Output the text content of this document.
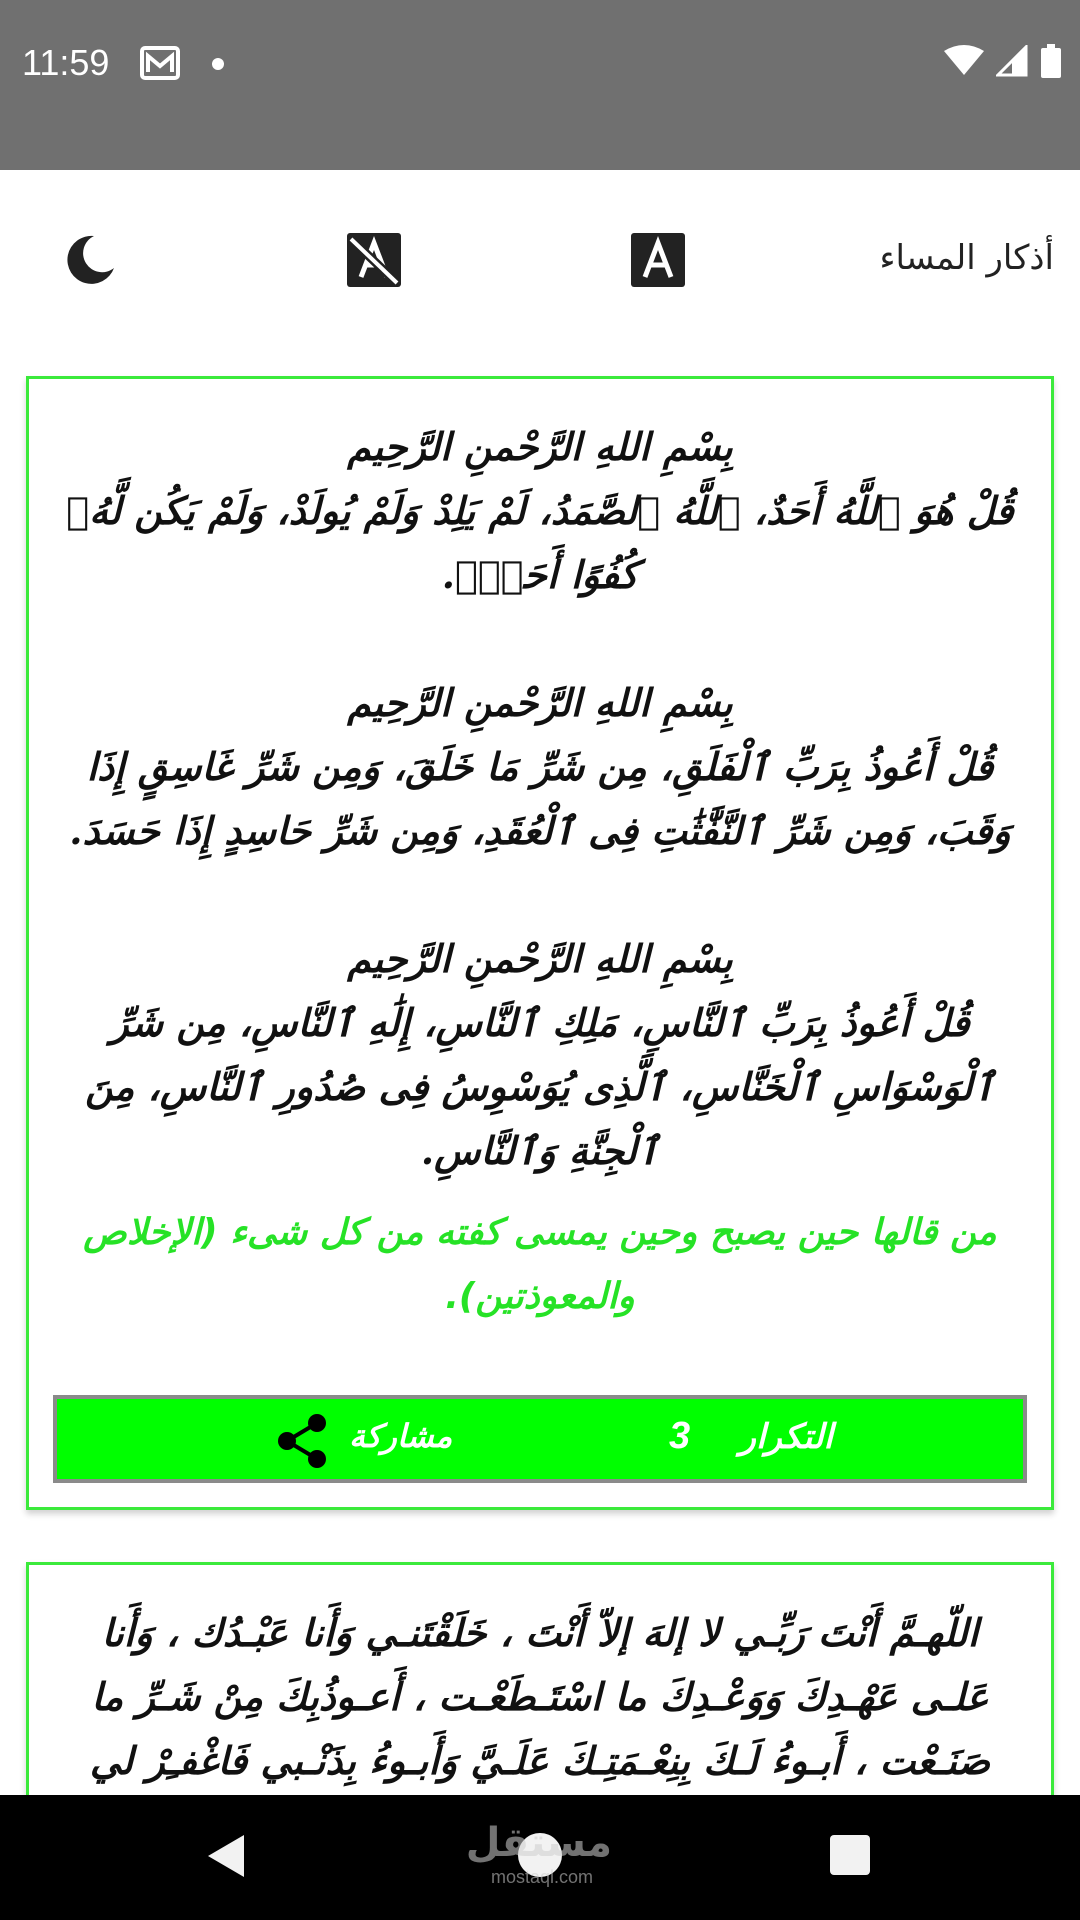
11:59
أذكار المساء
بِسْمِ اللهِ الرَّحْمنِ الرَّحِيم
قُلْ هُوَ ٱللَّهُ أَحَدٌ، ٱللَّهُ ٱلصَّمَدُ، لَمْ يَلِدْ وَلَمْ يُولَدْ، وَلَمْ يَكُن لَّهُۥ كُفُوًا أَحَدٌۢ.

بِسْمِ اللهِ الرَّحْمنِ الرَّحِيم
قُلْ أَعُوذُ بِرَبِّ ٱلْفَلَقِ، مِن شَرِّ مَا خَلَقَ، وَمِن شَرِّ غَاسِقٍ إِذَا وَقَبَ، وَمِن شَرِّ ٱلنَّفَّٰثَٰتِ فِى ٱلْعُقَدِ، وَمِن شَرِّ حَاسِدٍ إِذَا حَسَدَ.

بِسْمِ اللهِ الرَّحْمنِ الرَّحِيم
قُلْ أَعُوذُ بِرَبِّ ٱلنَّاسِ، مَلِكِ ٱلنَّاسِ، إِلَٰهِ ٱلنَّاسِ، مِن شَرِّ ٱلْوَسْوَاسِ ٱلْخَنَّاسِ، ٱلَّذِى يُوَسْوِسُ فِى صُدُورِ ٱلنَّاسِ، مِنَ ٱلْجِنَّةِ وَٱلنَّاسِ.
من قالها حين يصبح وحين يمسى كفته من كل شىء (الإخلاص والمعوذتين).
التكرار
3
مشاركة
اللّهـمَّ أَنْتَ رَبِّـي لا إلهَ إلاّ أَنْتَ ، خَلَقْتَنـي وَأَنا عَبْـدُك ، وَأَنا عَلـى عَهْـدِكَ وَوَعْـدِكَ ما اسْتَـطَعْـت ، أَعـوذُبِكَ مِنْ شَـرِّ ما صَنَـعْت ، أَبـوءُ لَـكَ بِنِعْـمَتِـكَ عَلَـيَّ وَأَبـوءُ بِذَنْـبي فَاغْفـِرْ لي
مستقل
mostaql.com
